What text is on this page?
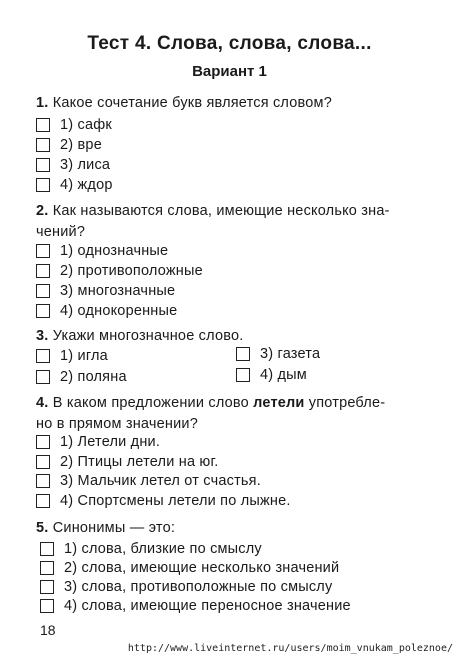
Тест 4. Слова, слова, слова...
Вариант 1
1. Какое сочетание букв является словом?
1) сафк
2) вре
3) лиса
4) ждор
2. Как называются слова, имеющие несколько зна-
чений?
1) однозначные
2) противоположные
3) многозначные
4) однокоренные
3. Укажи многозначное слово.
1) игла
2) поляна
3) газета
4) дым
4. В каком предложении слово летели употребле-
но в прямом значении?
1) Летели дни.
2) Птицы летели на юг.
3) Мальчик летел от счастья.
4) Спортсмены летели по лыжне.
5. Синонимы — это:
1) слова, близкие по смыслу
2) слова, имеющие несколько значений
3) слова, противоположные по смыслу
4) слова, имеющие переносное значение
18
http://www.liveinternet.ru/users/moim_vnukam_poleznoe/
